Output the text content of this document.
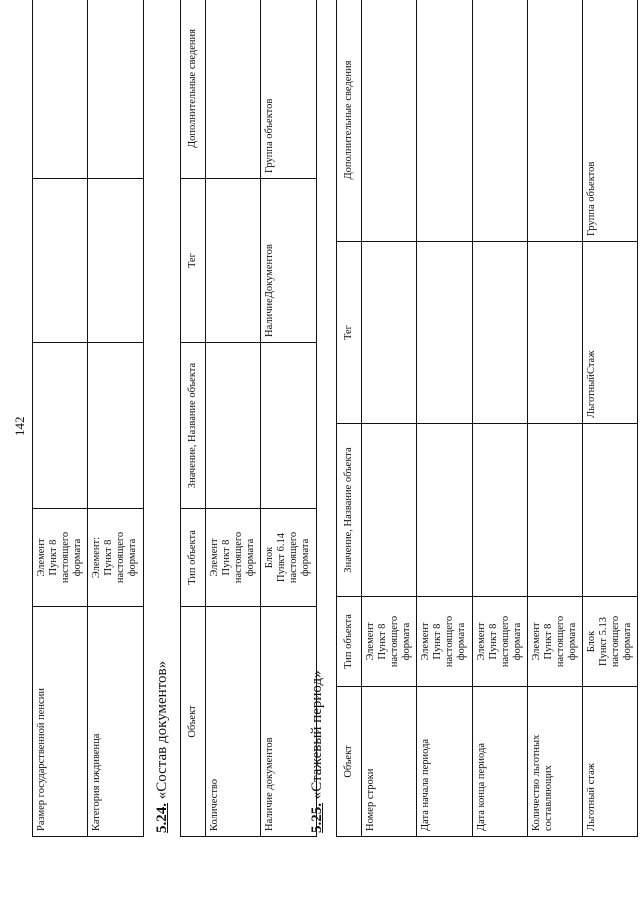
142
Размер государственной пенсии	Элемент
Пункт 8 настоящего формата			
Категория иждивенца	Элемент:
Пункт 8 настоящего формата			
5.24. «Состав документов» Объект	Тип объекта	Значение, Название объекта	Тег	Дополнительные сведения
Количество	Элемент
Пункт 8 настоящего формата			
Наличие документов	Блок
Пункт 6.14 настоящего формата		НаличиеДокументов	Группа объектов
5.25. «Стажевый период» Объект	Тип объекта	Значение, Название объекта	Тег	Дополнительные сведения
Номер строки	Элемент
Пункт 8 настоящего формата			
Дата начала периода	Элемент
Пункт 8 настоящего формата			
Дата конца периода	Элемент
Пункт 8 настоящего формата			
Количество льготных составляющих	Элемент
Пункт 8 настоящего формата			
Льготный стаж	Блок
Пункт 5.13 настоящего формата		ЛьготныйСтаж	Группа объектов
